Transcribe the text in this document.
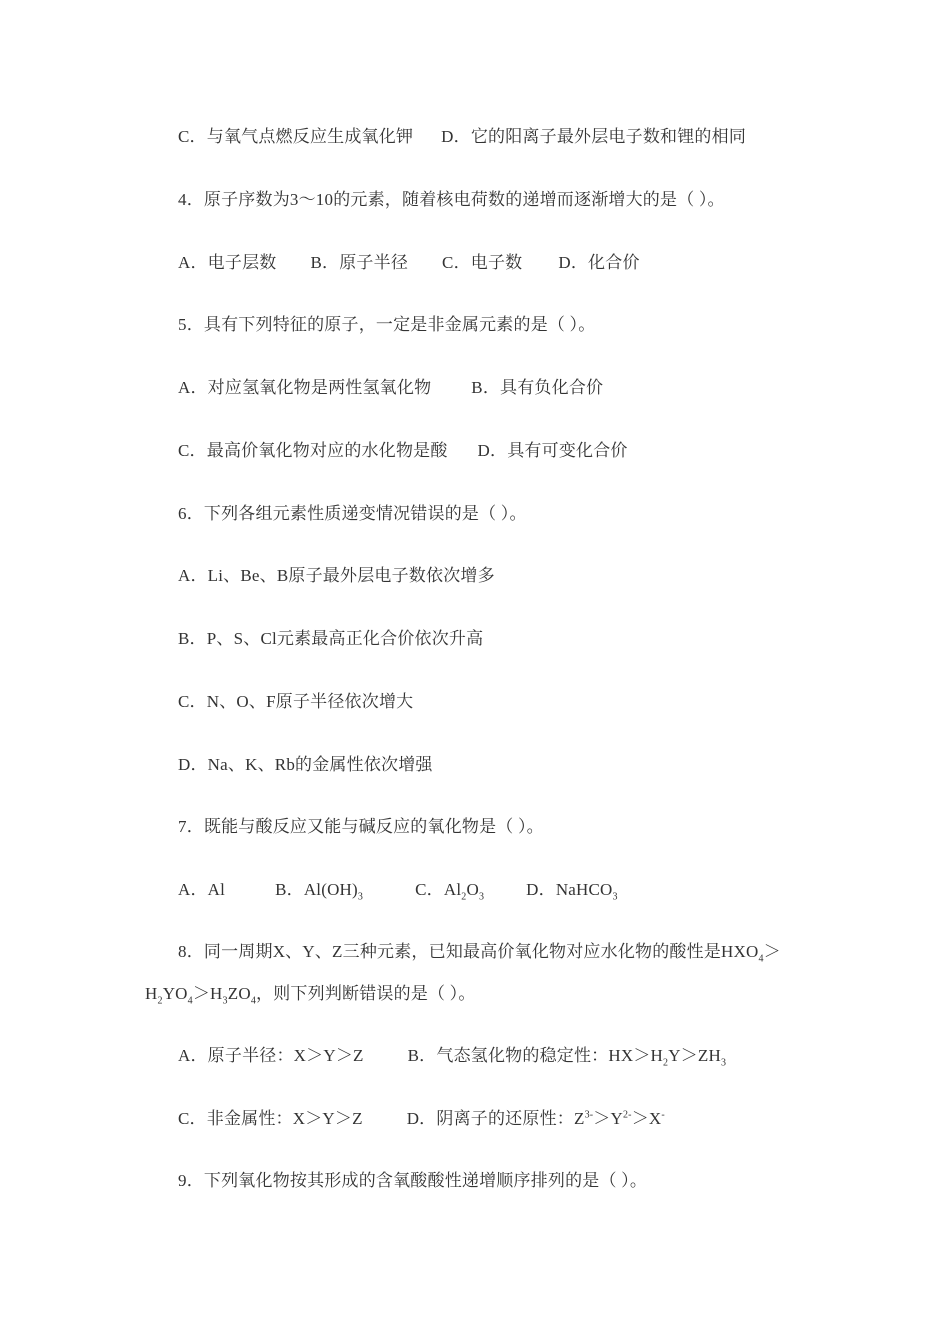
C．与氧气点燃反应生成氧化钾 D．它的阳离子最外层电子数和锂的相同
4．原子序数为3～10的元素，随着核电荷数的递增而逐渐增大的是（ ）。
A．电子层数 B．原子半径 C．电子数 D．化合价
5．具有下列特征的原子，一定是非金属元素的是（ ）。
A．对应氢氧化物是两性氢氧化物 B．具有负化合价
C．最高价氧化物对应的水化物是酸 D．具有可变化合价
6．下列各组元素性质递变情况错误的是（ ）。
A．Li、Be、B原子最外层电子数依次增多
B．P、S、Cl元素最高正化合价依次升高
C．N、O、F原子半径依次增大
D．Na、K、Rb的金属性依次增强
7．既能与酸反应又能与碱反应的氧化物是（ ）。
A．Al	B．$Al(OH)_3$	C．$Al_2O_3$ D．NaHCO$_3$
8．同一周期X、Y、Z三种元素，已知最高价氧化物对应水化物的酸性是$HXO_4>$
$H_2YO_4>H_3ZO_4$，则下列判断错误的是（ ）。
A．原子半径：X＞Y＞Z	B．气态氢化物的稳定性：$HX>H_2Y>ZH_3$
C．非金属性：X＞Y＞Z	D．阴离子的还原性：$Z^{3-}>Y^{2-}>X^-$
9．下列氧化物按其形成的含氧酸酸性递增顺序排列的是（ ）。
